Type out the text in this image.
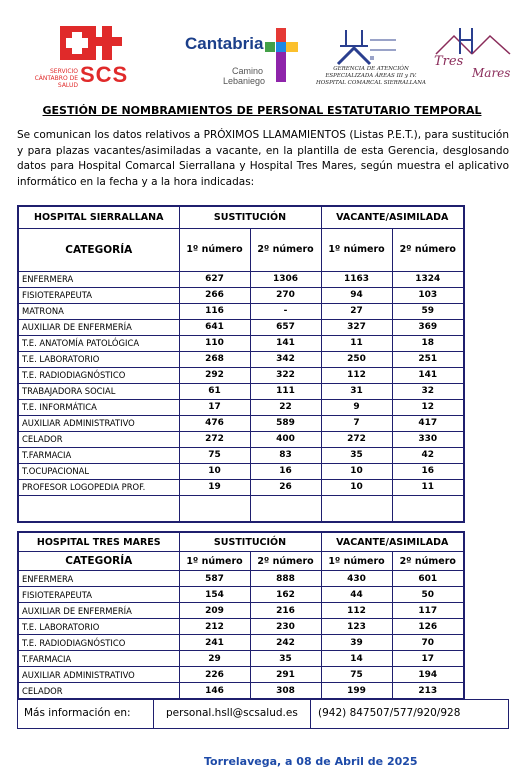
SERVICIO CÁNTABRO DE SALUD SCS
Cantabria
Camino Lebaniego
GERENCIA DE ATENCIÓN ESPECIALIZADA ÁREAS III y IV. HOSPITAL COMARCAL SIERRALLANA
Tres
Mares
GESTIÓN DE NOMBRAMIENTOS DE PERSONAL ESTATUTARIO TEMPORAL
Se comunican los datos relativos a PRÓXIMOS LLAMAMIENTOS (Listas P.E.T.), para sustitución y para plazas vacantes/asimiladas a vacante, en la plantilla de esta Gerencia, desglosando datos para Hospital Comarcal Sierrallana y Hospital Tres Mares, según muestra el aplicativo informático en la fecha y a la hora indicadas:
HOSPITAL SIERRALLANA	SUSTITUCIÓN		VACANTE/ASIMILADA	
CATEGORÍA	1º número	2º número	1º número	2º número
ENFERMERA	627	1306	1163	1324
FISIOTERAPEUTA	266	270	94	103
MATRONA	116	-	27	59
AUXILIAR DE ENFERMERÍA	641	657	327	369
T.E. ANATOMÍA PATOLÓGICA	110	141	11	18
T.E. LABORATORIO	268	342	250	251
T.E. RADIODIAGNÓSTICO	292	322	112	141
TRABAJADORA SOCIAL	61	111	31	32
T.E. INFORMÁTICA	17	22	9	12
AUXILIAR ADMINISTRATIVO	476	589	7	417
CELADOR	272	400	272	330
T.FARMACIA	75	83	35	42
T.OCUPACIONAL	10	16	10	16
PROFESOR LOGOPEDIA PROF.	19	26	10	11

HOSPITAL TRES MARES	SUSTITUCIÓN		VACANTE/ASIMILADA	
CATEGORÍA	1º número	2º número	1º número	2º número
ENFERMERA	587	888	430	601
FISIOTERAPEUTA	154	162	44	50
AUXILIAR DE ENFERMERÍA	209	216	112	117
T.E. LABORATORIO	212	230	123	126
T.E. RADIODIAGNÓSTICO	241	242	39	70
T.FARMACIA	29	35	14	17
AUXILIAR ADMINISTRATIVO	226	291	75	194
CELADOR	146	308	199	213
Más información en:	personal.hsll@scsalud.es (942) 847507/577/920/928
Torrelavega, a 08 de Abril de 2025
